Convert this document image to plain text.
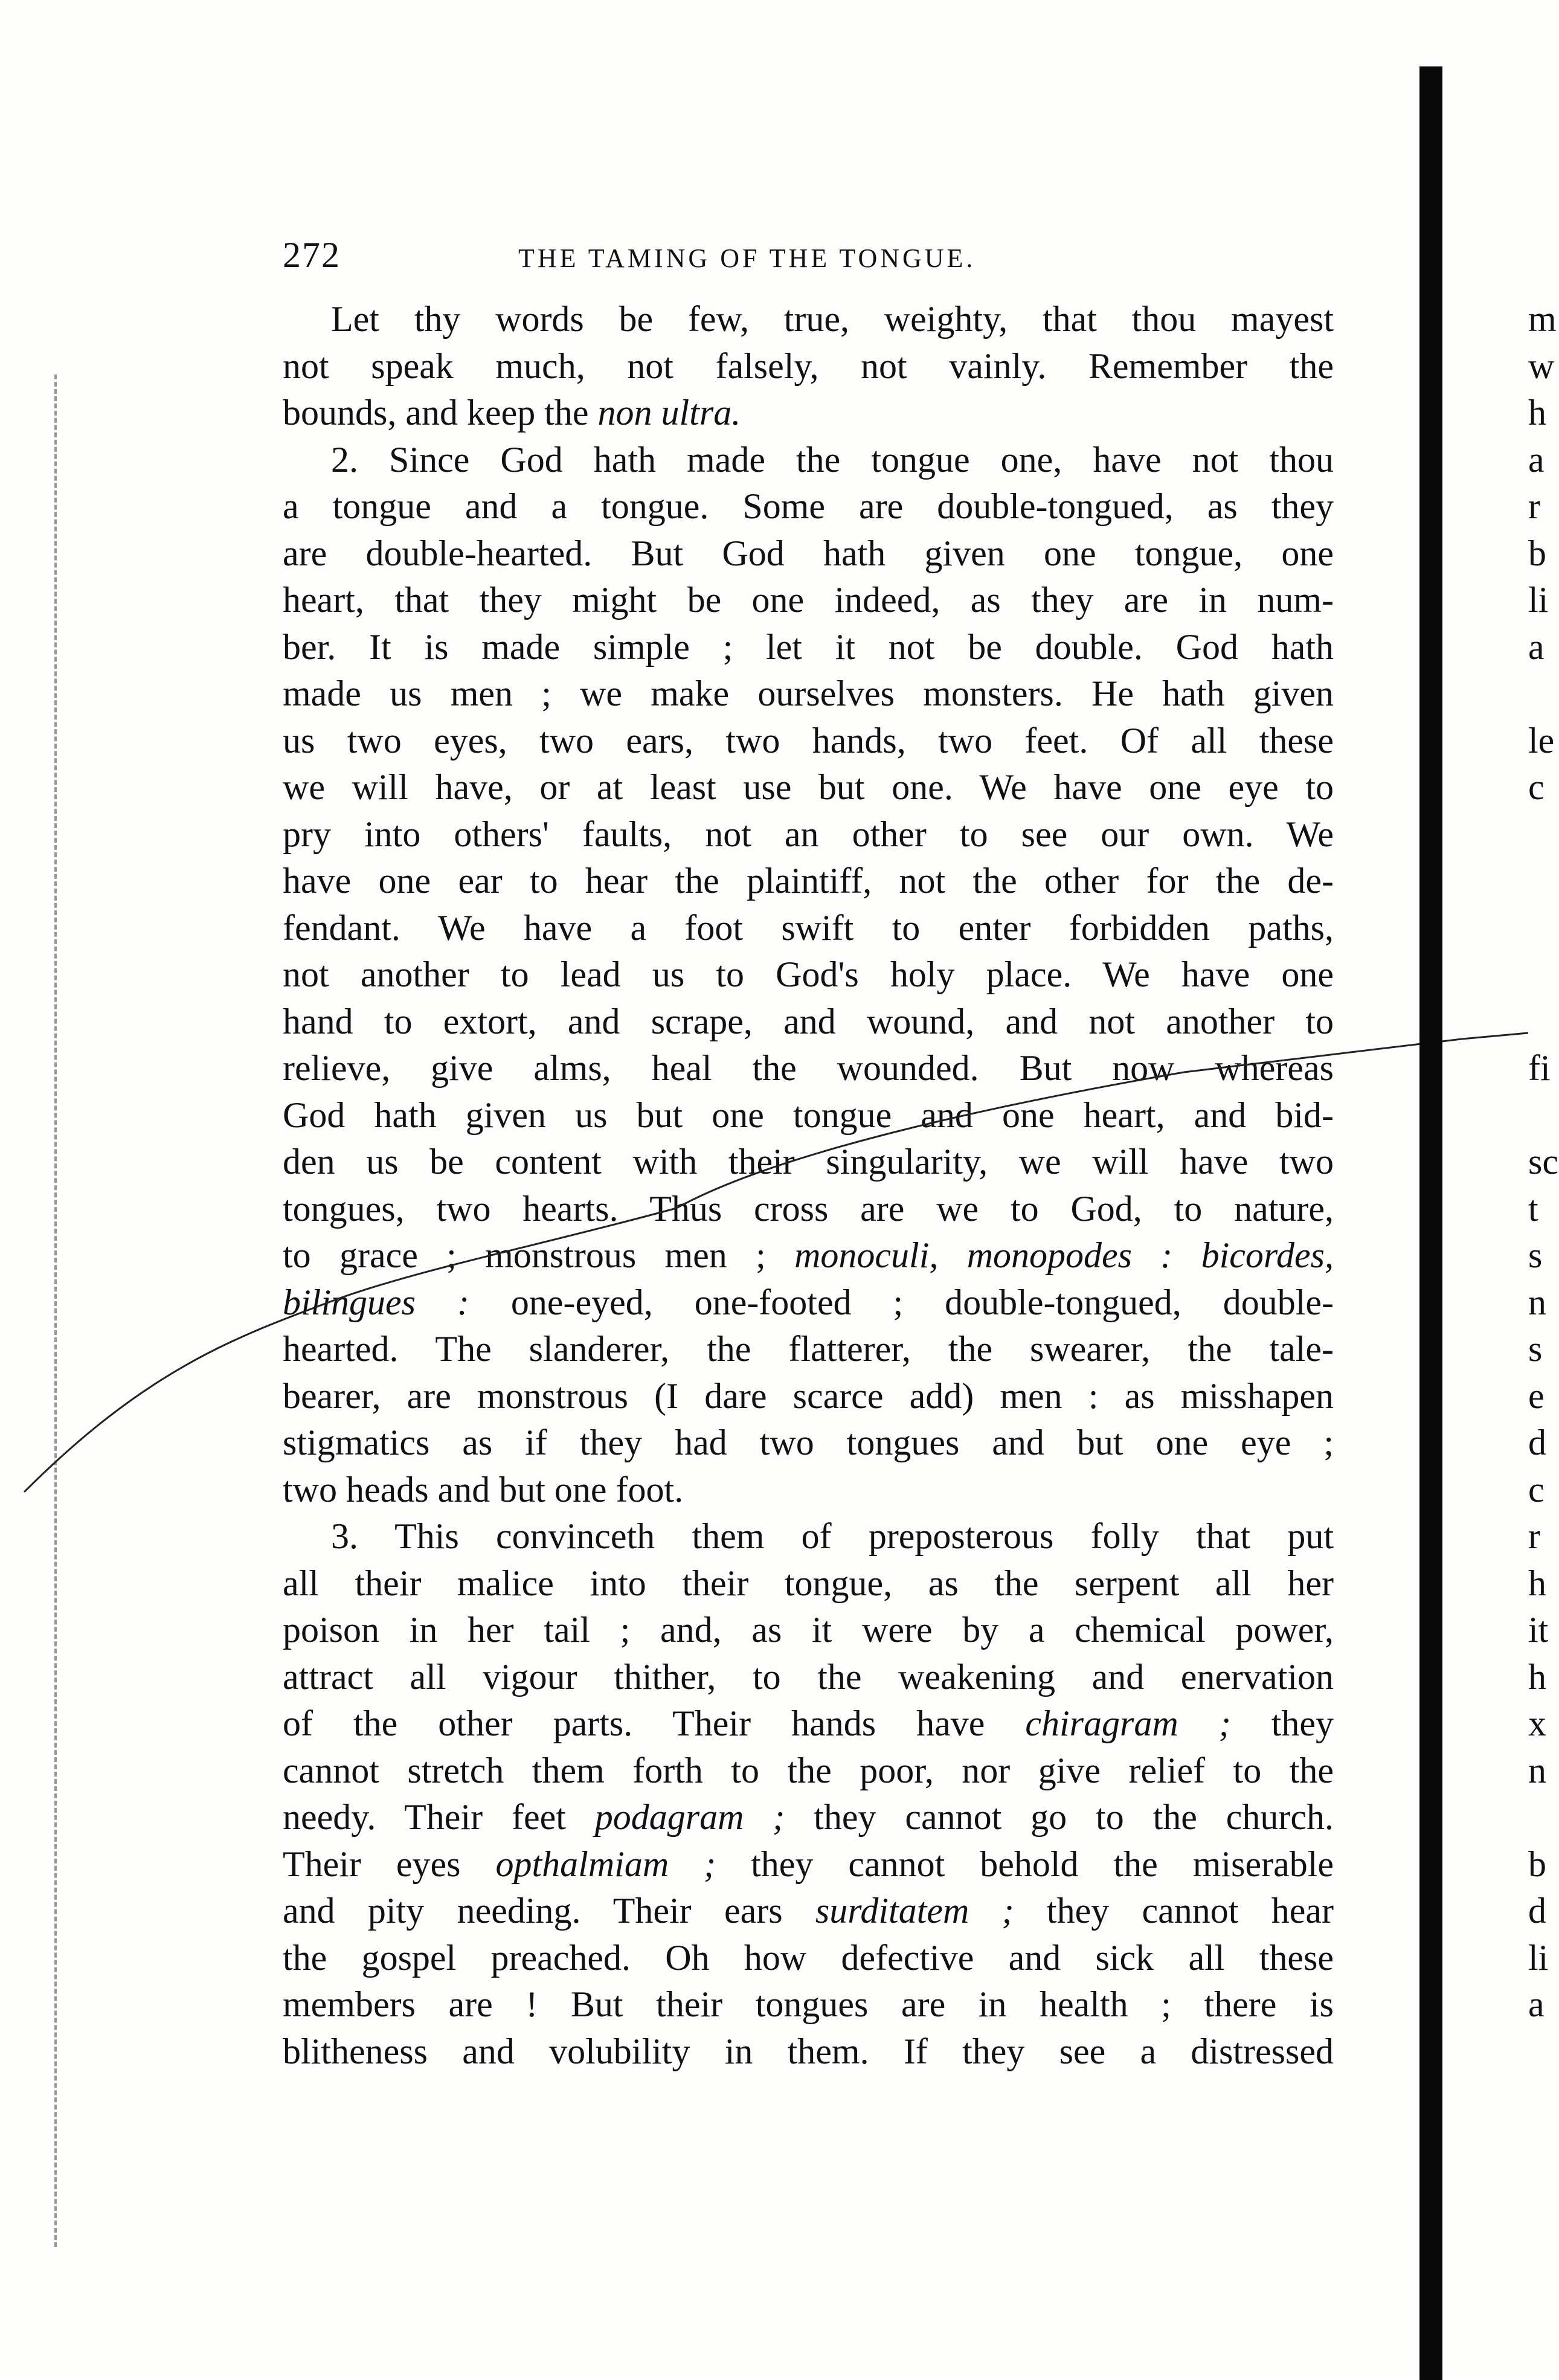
272	THE TAMING OF THE TONGUE.
Let thy words be few, true, weighty, that thou mayest
not speak much, not falsely, not vainly. Remember the
bounds, and keep the non ultra.
2. Since God hath made the tongue one, have not thou
a tongue and a tongue. Some are double-tongued, as they
are double-hearted. But God hath given one tongue, one
heart, that they might be one indeed, as they are in num-
ber. It is made simple ; let it not be double. God hath
made us men ; we make ourselves monsters. He hath given
us two eyes, two ears, two hands, two feet. Of all these
we will have, or at least use but one. We have one eye to
pry into others' faults, not an other to see our own. We
have one ear to hear the plaintiff, not the other for the de-
fendant. We have a foot swift to enter forbidden paths,
not another to lead us to God's holy place. We have one
hand to extort, and scrape, and wound, and not another to
relieve, give alms, heal the wounded. But now whereas
God hath given us but one tongue and one heart, and bid-
den us be content with their singularity, we will have two
tongues, two hearts. Thus cross are we to God, to nature,
to grace ; monstrous men ; monoculi, monopodes : bicordes,
bilingues : one-eyed, one-footed ; double-tongued, double-
hearted. The slanderer, the flatterer, the swearer, the tale-
bearer, are monstrous (I dare scarce add) men : as misshapen
stigmatics as if they had two tongues and but one eye ;
two heads and but one foot.
3. This convinceth them of preposterous folly that put
all their malice into their tongue, as the serpent all her
poison in her tail ; and, as it were by a chemical power,
attract all vigour thither, to the weakening and enervation
of the other parts. Their hands have chiragram ; they
cannot stretch them forth to the poor, nor give relief to the
needy. Their feet podagram ; they cannot go to the church.
Their eyes opthalmiam ; they cannot behold the miserable
and pity needing. Their ears surditatem ; they cannot hear
the gospel preached. Oh how defective and sick all these
members are ! But their tongues are in health ; there is
blitheness and volubility in them. If they see a distressed
m
w
h
a
r
b
li
a
le
c
fi
sc
t
s
n
s
e
d
c
r
h
it
h
x
n
b
d
li
a
